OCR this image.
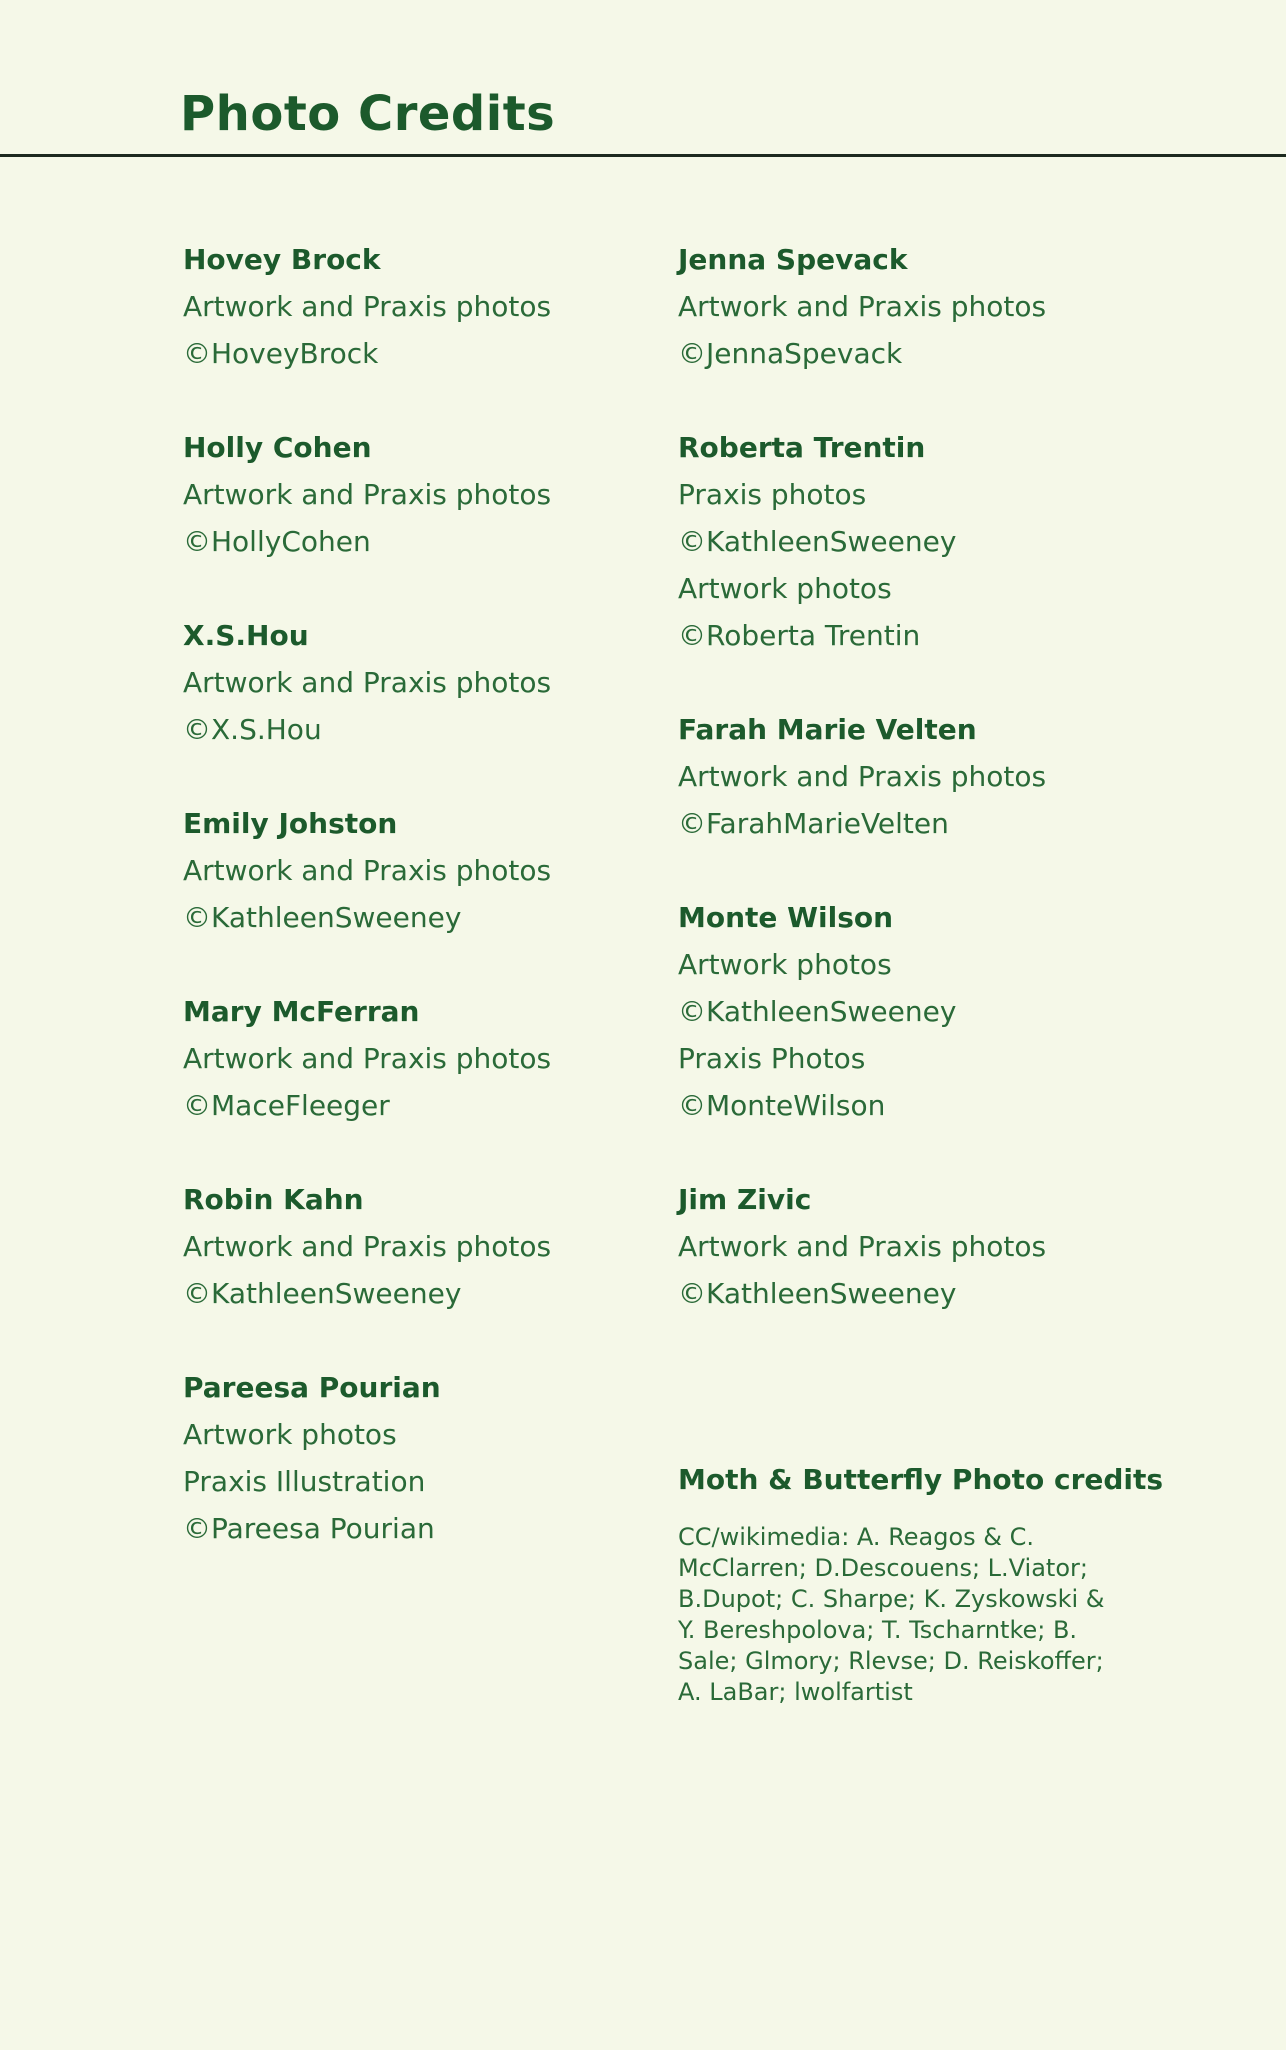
Photo Credits
Hovey Brock
Artwork and Praxis photos
©HoveyBrock
Holly Cohen
Artwork and Praxis photos
©HollyCohen
X.S.Hou
Artwork and Praxis photos
©X.S.Hou
Emily Johston
Artwork and Praxis photos
©KathleenSweeney
Mary McFerran
Artwork and Praxis photos
©MaceFleeger
Robin Kahn
Artwork and Praxis photos
©KathleenSweeney
Pareesa Pourian
Artwork photos
Praxis Illustration
©Pareesa Pourian
Jenna Spevack
Artwork and Praxis photos
©JennaSpevack
Roberta Trentin
Praxis photos
©KathleenSweeney
Artwork photos
©Roberta Trentin
Farah Marie Velten
Artwork and Praxis photos
©FarahMarieVelten
Monte Wilson
Artwork photos
©KathleenSweeney
Praxis Photos
©MonteWilson
Jim Zivic
Artwork and Praxis photos
©KathleenSweeney
Moth & Butterfly Photo credits
CC/wikimedia: A. Reagos & C. McClarren; D.Descouens; L.Viator; B.Dupot; C. Sharpe; K. Zyskowski & Y. Bereshpolova; T. Tscharntke; B. Sale; Glmory; Rlevse; D. Reiskoffer; A. LaBar; lwolfartist
